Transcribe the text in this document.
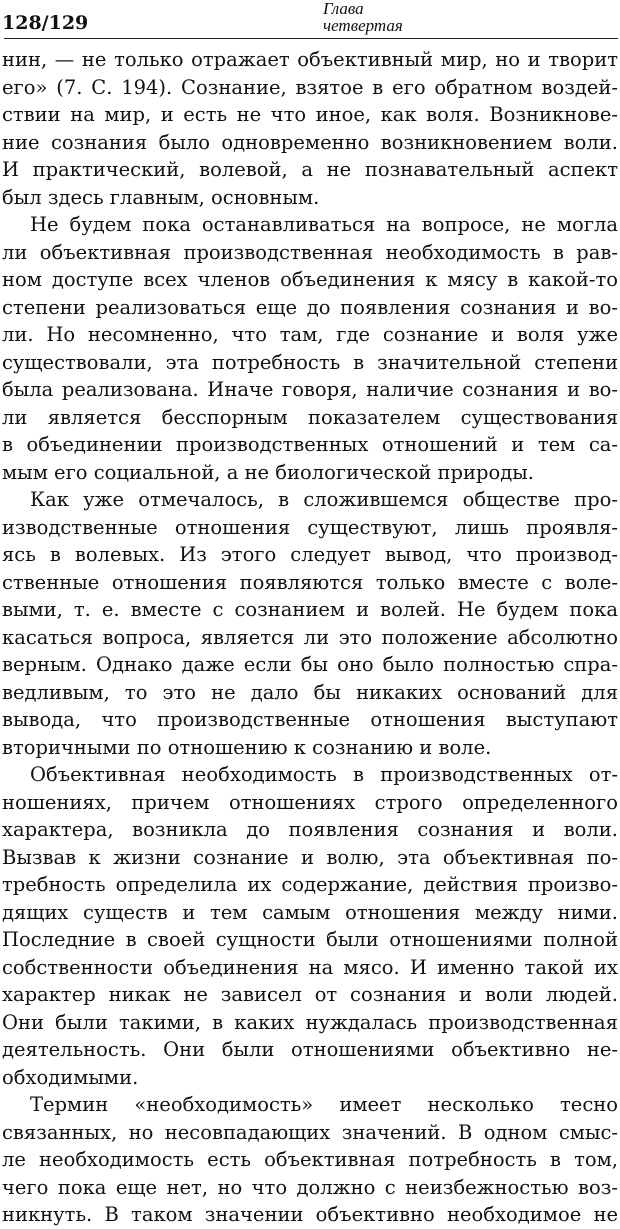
128/129
Глава
четвертая
нин, — не только отражает объективный мир, но и творит
его» (7. С. 194). Сознание, взятое в его обратном воздей-
ствии на мир, и есть не что иное, как воля. Возникнове-
ние сознания было одновременно возникновением воли.
И практический, волевой, а не познавательный аспект
был здесь главным, основным.
Не будем пока останавливаться на вопросе, не могла
ли объективная производственная необходимость в рав-
ном доступе всех членов объединения к мясу в какой-то
степени реализоваться еще до появления сознания и во-
ли. Но несомненно, что там, где сознание и воля уже
существовали, эта потребность в значительной степени
была реализована. Иначе говоря, наличие сознания и во-
ли является бесспорным показателем существования
в объединении производственных отношений и тем са-
мым его социальной, а не биологической природы.
Как уже отмечалось, в сложившемся обществе про-
изводственные отношения существуют, лишь проявля-
ясь в волевых. Из этого следует вывод, что производ-
ственные отношения появляются только вместе с воле-
выми, т. е. вместе с сознанием и волей. Не будем пока
касаться вопроса, является ли это положение абсолютно
верным. Однако даже если бы оно было полностью спра-
ведливым, то это не дало бы никаких оснований для
вывода, что производственные отношения выступают
вторичными по отношению к сознанию и воле.
Объективная необходимость в производственных от-
ношениях, причем отношениях строго определенного
характера, возникла до появления сознания и воли.
Вызвав к жизни сознание и волю, эта объективная по-
требность определила их содержание, действия произво-
дящих существ и тем самым отношения между ними.
Последние в своей сущности были отношениями полной
собственности объединения на мясо. И именно такой их
характер никак не зависел от сознания и воли людей.
Они были такими, в каких нуждалась производственная
деятельность. Они были отношениями объективно не-
обходимыми.
Термин «необходимость» имеет несколько тесно
связанных, но несовпадающих значений. В одном смыс-
ле необходимость есть объективная потребность в том,
чего пока еще нет, но что должно с неизбежностью воз-
никнуть. В таком значении объективно необходимое не
